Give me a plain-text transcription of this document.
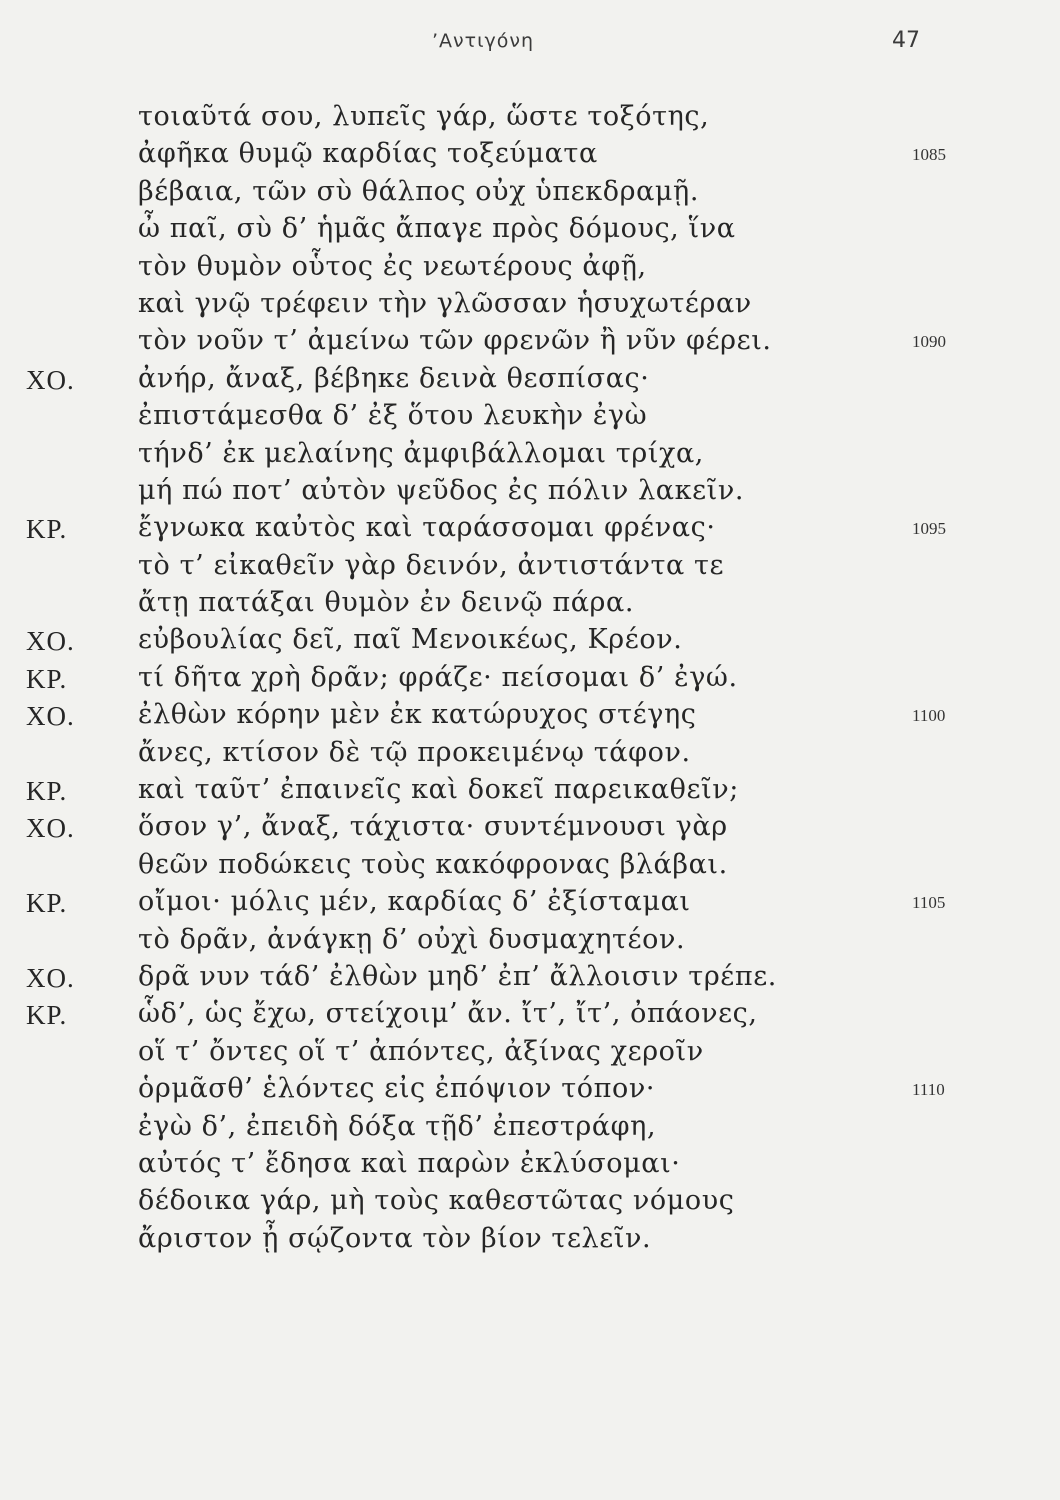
’Αντιγόνη	47
τοιαῦτά σου, λυπεῖς γάρ, ὥστε τοξότης,
ἀφῆκα θυμῷ καρδίας τοξεύματα	1085
βέβαια, τῶν σὺ θάλπος οὐχ ὑπεκδραμῇ.
ὦ παῖ, σὺ δ’ ἡμᾶς ἄπαγε πρὸς δόμους, ἵνα
τὸν θυμὸν οὗτος ἐς νεωτέρους ἀφῇ,
καὶ γνῷ τρέφειν τὴν γλῶσσαν ἡσυχωτέραν
τὸν νοῦν τ’ ἀμείνω τῶν φρενῶν ἢ νῦν φέρει.	1090
ΧΟ. ἀνήρ, ἄναξ, βέβηκε δεινὰ θεσπίσας·
ἐπιστάμεσθα δ’ ἐξ ὅτου λευκὴν ἐγὼ
τήνδ’ ἐκ μελαίνης ἀμφιβάλλομαι τρίχα,
μή πώ ποτ’ αὐτὸν ψεῦδος ἐς πόλιν λακεῖν.
ΚΡ.	ἔγνωκα καὐτὸς καὶ ταράσσομαι φρένας·	1095
τὸ τ’ εἰκαθεῖν γὰρ δεινόν, ἀντιστάντα τε
ἄτῃ πατάξαι θυμὸν ἐν δεινῷ πάρα.
ΧΟ. εὐβουλίας δεῖ, παῖ Μενοικέως, Κρέον.
ΚΡ.	τί δῆτα χρὴ δρᾶν; φράζε· πείσομαι δ’ ἐγώ.
ΧΟ. ἐλθὼν κόρην μὲν ἐκ κατώρυχος στέγης	1100
ἄνες, κτίσον δὲ τῷ προκειμένῳ τάφον.
ΚΡ.	καὶ ταῦτ’ ἐπαινεῖς καὶ δοκεῖ παρεικαθεῖν;
ΧΟ. ὅσον γ’, ἄναξ, τάχιστα· συντέμνουσι γὰρ
θεῶν ποδώκεις τοὺς κακόφρονας βλάβαι.
ΚΡ.	οἴμοι· μόλις μέν, καρδίας δ’ ἐξίσταμαι	1105
τὸ δρᾶν, ἀνάγκῃ δ’ οὐχὶ δυσμαχητέον.
ΧΟ. δρᾶ νυν τάδ’ ἐλθὼν μηδ’ ἐπ’ ἄλλοισιν τρέπε.
ΚΡ.	ὧδ’, ὡς ἔχω, στείχοιμ’ ἄν. ἴτ’, ἴτ’, ὀπάονες,
οἵ τ’ ὄντες οἵ τ’ ἀπόντες, ἀξίνας χεροῖν
ὁρμᾶσθ’ ἑλόντες εἰς ἐπόψιον τόπον·	1110
ἐγὼ δ’, ἐπειδὴ δόξα τῇδ’ ἐπεστράφη,
αὐτός τ’ ἔδησα καὶ παρὼν ἐκλύσομαι·
δέδοικα γάρ, μὴ τοὺς καθεστῶτας νόμους
ἄριστον ᾖ σῴζοντα τὸν βίον τελεῖν.
